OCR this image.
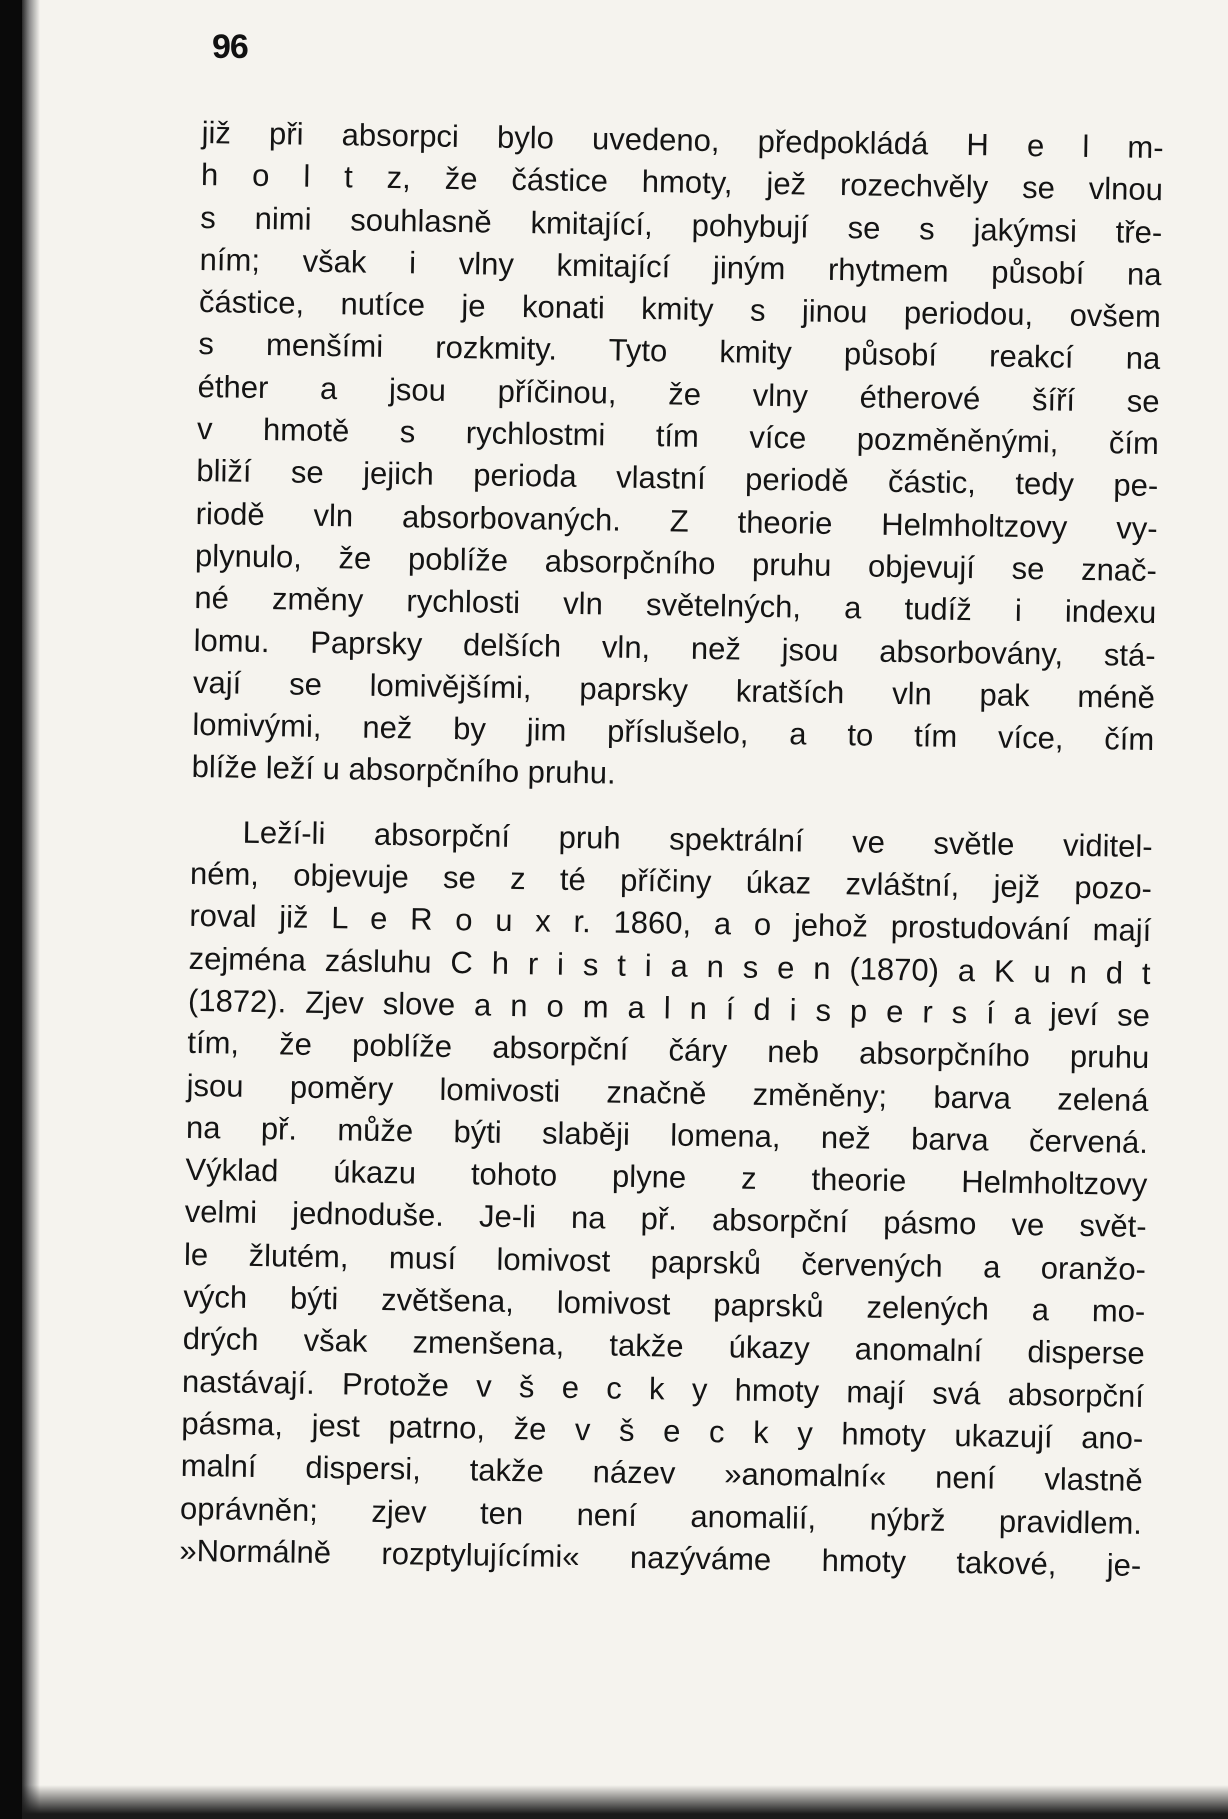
96
již při absorpci bylo uvedeno, předpokládá H e l m-
h o l t z, že částice hmoty, jež rozechvěly se vlnou
s nimi souhlasně kmitající, pohybují se s jakýmsi tře-
ním; však i vlny kmitající jiným rhytmem působí na
částice, nutíce je konati kmity s jinou periodou, ovšem
s menšími rozkmity. Tyto kmity působí reakcí na
éther a jsou příčinou, že vlny étherové šíří se
v hmotě s rychlostmi tím více pozměněnými, čím
bliží se jejich perioda vlastní periodě částic, tedy pe-
riodě vln absorbovaných. Z theorie Helmholtzovy vy-
plynulo, že poblíže absorpčního pruhu objevují se znač-
né změny rychlosti vln světelných, a tudíž i indexu
lomu. Paprsky delších vln, než jsou absorbovány, stá-
vají se lomivějšími, paprsky kratších vln pak méně
lomivými, než by jim příslušelo, a to tím více, čím
blíže leží u absorpčního pruhu.
Leží-li absorpční pruh spektrální ve světle viditel-
ném, objevuje se z té příčiny úkaz zvláštní, jejž pozo-
roval již L e R o u x r. 1860, a o jehož prostudování mají
zejména zásluhu C h r i s t i a n s e n (1870) a K u n d t
(1872). Zjev slove a n o m a l n í d i s p e r s í a jeví se
tím, že poblíže absorpční čáry neb absorpčního pruhu
jsou poměry lomivosti značně změněny; barva zelená
na př. může býti slaběji lomena, než barva červená.
Výklad úkazu tohoto plyne z theorie Helmholtzovy
velmi jednoduše. Je-li na př. absorpční pásmo ve svět-
le žlutém, musí lomivost paprsků červených a oranžo-
vých býti zvětšena, lomivost paprsků zelených a mo-
drých však zmenšena, takže úkazy anomalní disperse
nastávají. Protože v š e c k y hmoty mají svá absorpční
pásma, jest patrno, že v š e c k y hmoty ukazují ano-
malní dispersi, takže název »anomalní« není vlastně
oprávněn; zjev ten není anomalií, nýbrž pravidlem.
»Normálně rozptylujícími« nazýváme hmoty takové, je-
